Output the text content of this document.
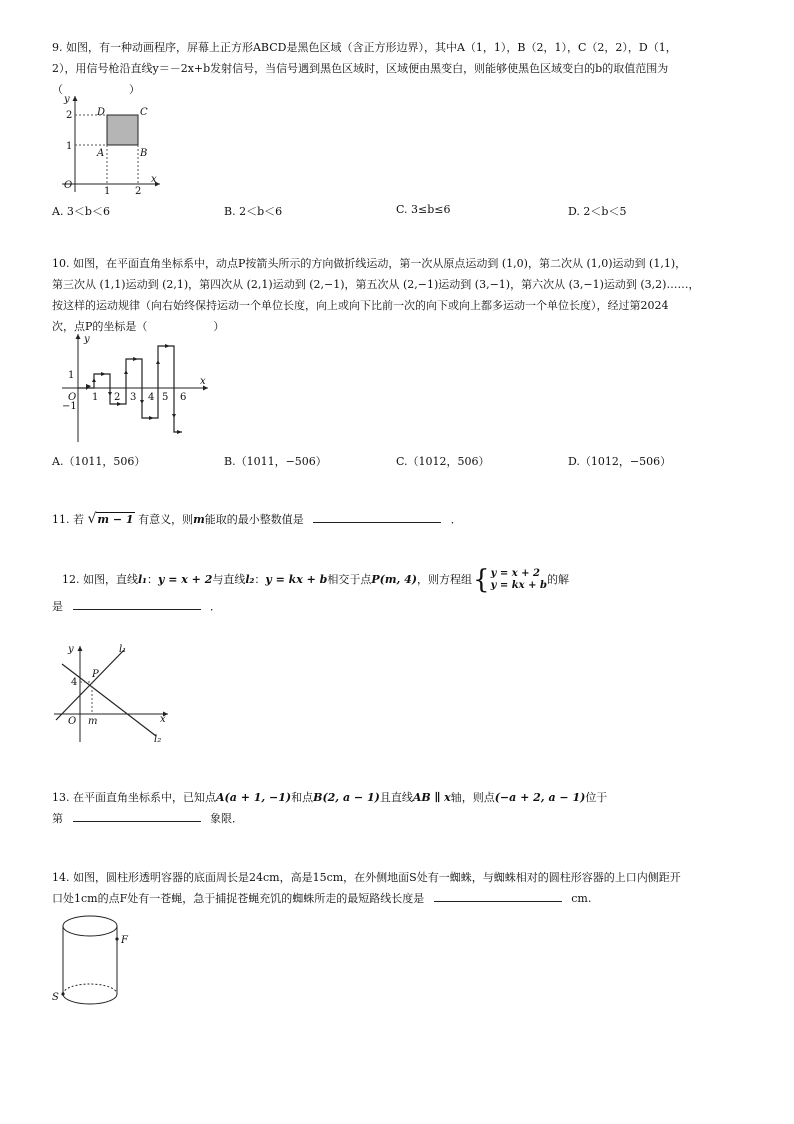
9. 如图，有一种动画程序，屏幕上正方形ABCD是黑色区域（含正方形边界），其中A（1，1），B（2，1），C（2，2），D（1，
2），用信号枪沿直线y＝－2x+b发射信号，当信号遇到黑色区域时，区域便由黑变白，则能够使黑色区域变白的b的取值范围为
（　　　　　　）
y
x
O
1
2
1 2
A	B
C
D
A. 3＜b＜6	B. 2＜b＜6	C. 3≤b≤6	D. 2＜b＜5
10. 如图，在平面直角坐标系中，动点P按箭头所示的方向做折线运动，第一次从原点运动到 (1,0)，第二次从 (1,0)运动到 (1,1)，
第三次从 (1,1)运动到 (2,1)，第四次从 (2,1)运动到 (2,−1)，第五次从 (2,−1)运动到 (3,−1)，第六次从 (3,−1)运动到 (3,2)……，
按这样的运动规律（向右始终保持运动一个单位长度，向上或向下比前一次的向下或向上都多运动一个单位长度），经过第2024
次，点P的坐标是（　　　　　　）
y
x
O
1
−1
1 2 3 4 5 6
A.（1011，506）	B.（1011，−506）	C.（1012，506）	D.（1012，−506）
11. 若 √m − 1 有意义，则m能取的最小整数值是	．
12. 如图，直线 l₁ ： y = x + 2 与直线 l₂ ： y = kx + b 相交于点 P(m, 4) ，则方程组 { y = x + 2
y = kx + b 的解
是	．
y
x
O
4
m
P
l₁
l₂
13. 在平面直角坐标系中，已知点A(a + 1, −1)和点B(2, a − 1)且直线AB ∥ x轴，则点(−a + 2, a − 1)位于
第	象限．
14. 如图，圆柱形透明容器的底面周长是24cm，高是15cm，在外侧地面S处有一蜘蛛，与蜘蛛相对的圆柱形容器的上口内侧距开
口处1cm的点F处有一苍蝇，急于捕捉苍蝇充饥的蜘蛛所走的最短路线长度是	cm.
F
S
